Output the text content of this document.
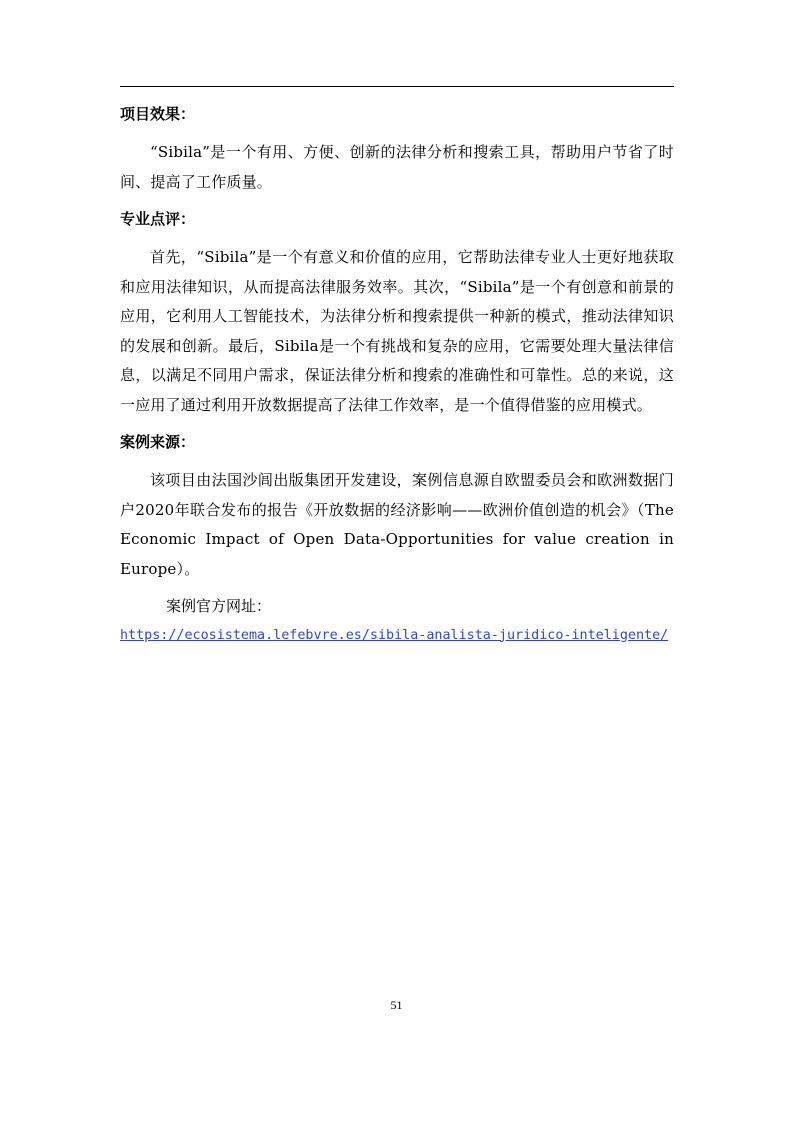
项目效果：

“Sibila”是一个有用、方便、创新的法律分析和搜索工具，帮助用户节省了时间、提高了工作质量。

专业点评：

首先，“Sibila”是一个有意义和价值的应用，它帮助法律专业人士更好地获取和应用法律知识，从而提高法律服务效率。其次，“Sibila”是一个有创意和前景的应用，它利用人工智能技术，为法律分析和搜索提供一种新的模式，推动法律知识的发展和创新。最后，Sibila是一个有挑战和复杂的应用，它需要处理大量法律信息，以满足不同用户需求，保证法律分析和搜索的准确性和可靠性。总的来说，这一应用了通过利用开放数据提高了法律工作效率，是一个值得借鉴的应用模式。

案例来源：

该项目由法国沙闾出版集团开发建设，案例信息源自欧盟委员会和欧洲数据门户2020年联合发布的报告《开放数据的经济影响——欧洲价值创造的机会》（The Economic Impact of Open Data-Opportunities for value creation in Europe）。

案例官方网址：

https://ecosistema.lefebvre.es/sibila-analista-juridico-inteligente/
51
